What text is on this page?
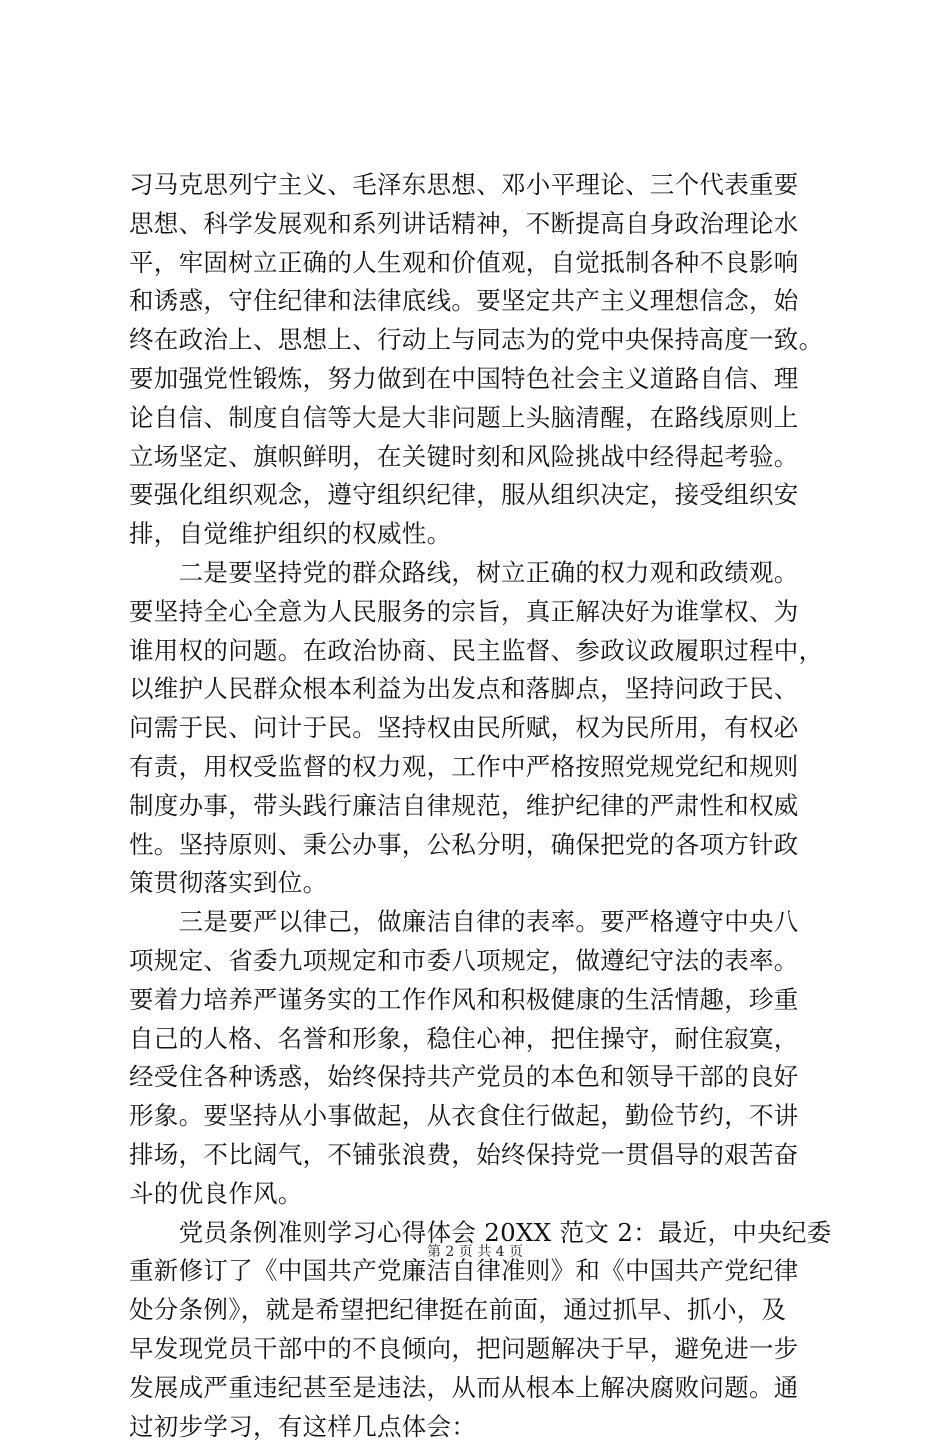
习马克思列宁主义、毛泽东思想、邓小平理论、三个代表重要
思想、科学发展观和系列讲话精神，不断提高自身政治理论水
平，牢固树立正确的人生观和价值观，自觉抵制各种不良影响
和诱惑，守住纪律和法律底线。要坚定共产主义理想信念，始
终在政治上、思想上、行动上与同志为的党中央保持高度一致。
要加强党性锻炼，努力做到在中国特色社会主义道路自信、理
论自信、制度自信等大是大非问题上头脑清醒，在路线原则上
立场坚定、旗帜鲜明，在关键时刻和风险挑战中经得起考验。
要强化组织观念，遵守组织纪律，服从组织决定，接受组织安
排，自觉维护组织的权威性。
　　二是要坚持党的群众路线，树立正确的权力观和政绩观。
要坚持全心全意为人民服务的宗旨，真正解决好为谁掌权、为
谁用权的问题。在政治协商、民主监督、参政议政履职过程中，
以维护人民群众根本利益为出发点和落脚点，坚持问政于民、
问需于民、问计于民。坚持权由民所赋，权为民所用，有权必
有责，用权受监督的权力观，工作中严格按照党规党纪和规则
制度办事，带头践行廉洁自律规范，维护纪律的严肃性和权威
性。坚持原则、秉公办事，公私分明，确保把党的各项方针政
策贯彻落实到位。
　　三是要严以律己，做廉洁自律的表率。要严格遵守中央八
项规定、省委九项规定和市委八项规定，做遵纪守法的表率。
要着力培养严谨务实的工作作风和积极健康的生活情趣，珍重
自己的人格、名誉和形象，稳住心神，把住操守，耐住寂寞，
经受住各种诱惑，始终保持共产党员的本色和领导干部的良好
形象。要坚持从小事做起，从衣食住行做起，勤俭节约，不讲
排场，不比阔气，不铺张浪费，始终保持党一贯倡导的艰苦奋
斗的优良作风。
　　党员条例准则学习心得体会 20XX 范文 2：最近，中央纪委
重新修订了《中国共产党廉洁自律准则》和《中国共产党纪律
处分条例》，就是希望把纪律挺在前面，通过抓早、抓小，及
早发现党员干部中的不良倾向，把问题解决于早，避免进一步
发展成严重违纪甚至是违法，从而从根本上解决腐败问题。通
过初步学习，有这样几点体会：
第 2 页 共 4 页
